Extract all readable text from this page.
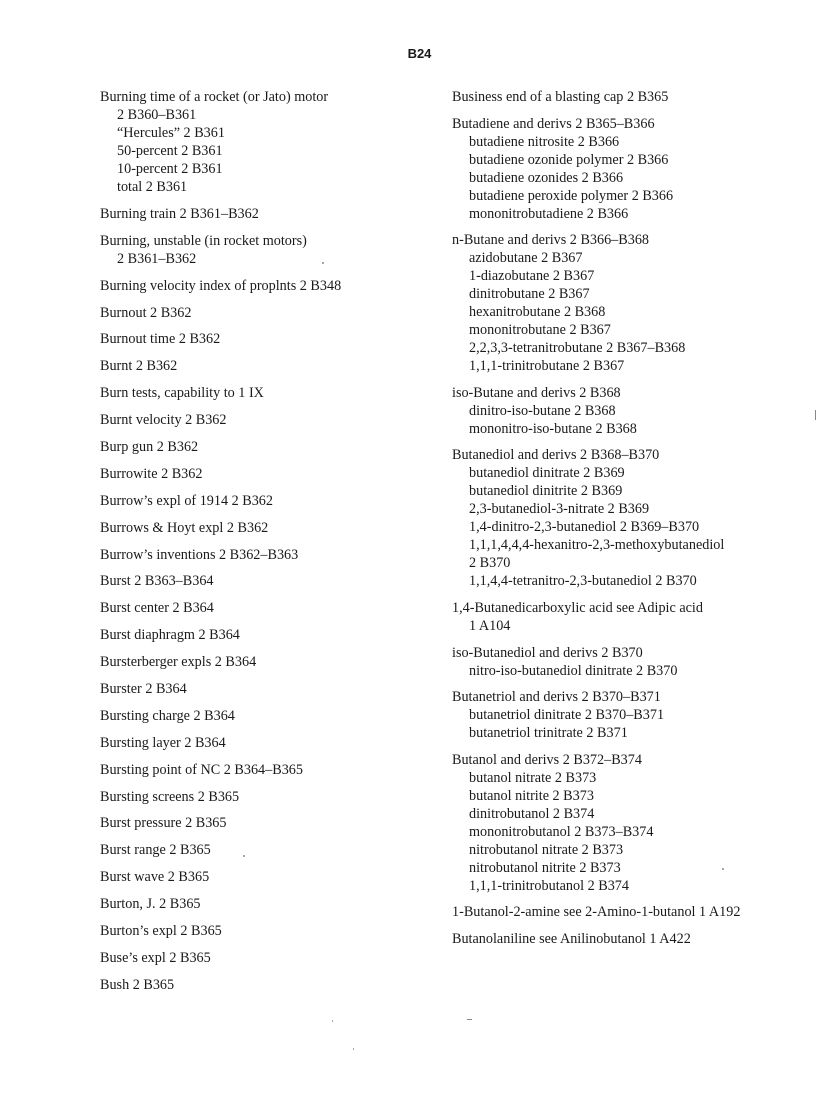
B24
Burning time of a rocket (or Jato) motor
2 B360–B361
“Hercules” 2 B361
50-percent 2 B361
10-percent 2 B361
total 2 B361
Burning train 2 B361–B362
Burning, unstable (in rocket motors)
2 B361–B362
Burning velocity index of proplnts 2 B348
Burnout 2 B362
Burnout time 2 B362
Burnt 2 B362
Burn tests, capability to 1 IX
Burnt velocity 2 B362
Burp gun 2 B362
Burrowite 2 B362
Burrow’s expl of 1914 2 B362
Burrows & Hoyt expl 2 B362
Burrow’s inventions 2 B362–B363
Burst 2 B363–B364
Burst center 2 B364
Burst diaphragm 2 B364
Bursterberger expls 2 B364
Burster 2 B364
Bursting charge 2 B364
Bursting layer 2 B364
Bursting point of NC 2 B364–B365
Bursting screens 2 B365
Burst pressure 2 B365
Burst range 2 B365
Burst wave 2 B365
Burton, J. 2 B365
Burton’s expl 2 B365
Buse’s expl 2 B365
Bush 2 B365
Business end of a blasting cap 2 B365
Butadiene and derivs 2 B365–B366
butadiene nitrosite 2 B366
butadiene ozonide polymer 2 B366
butadiene ozonides 2 B366
butadiene peroxide polymer 2 B366
mononitrobutadiene 2 B366
n-Butane and derivs 2 B366–B368
azidobutane 2 B367
1-diazobutane 2 B367
dinitrobutane 2 B367
hexanitrobutane 2 B368
mononitrobutane 2 B367
2,2,3,3-tetranitrobutane 2 B367–B368
1,1,1-trinitrobutane 2 B367
iso-Butane and derivs 2 B368
dinitro-iso-butane 2 B368
mononitro-iso-butane 2 B368
Butanediol and derivs 2 B368–B370
butanediol dinitrate 2 B369
butanediol dinitrite 2 B369
2,3-butanediol-3-nitrate 2 B369
1,4-dinitro-2,3-butanediol 2 B369–B370
1,1,1,4,4,4-hexanitro-2,3-methoxybutanediol
2 B370
1,1,4,4-tetranitro-2,3-butanediol 2 B370
1,4-Butanedicarboxylic acid see Adipic acid
1 A104
iso-Butanediol and derivs 2 B370
nitro-iso-butanediol dinitrate 2 B370
Butanetriol and derivs 2 B370–B371
butanetriol dinitrate 2 B370–B371
butanetriol trinitrate 2 B371
Butanol and derivs 2 B372–B374
butanol nitrate 2 B373
butanol nitrite 2 B373
dinitrobutanol 2 B374
mononitrobutanol 2 B373–B374
nitrobutanol nitrate 2 B373
nitrobutanol nitrite 2 B373
1,1,1-trinitrobutanol 2 B374
1-Butanol-2-amine see 2-Amino-1-butanol 1 A192
Butanolaniline see Anilinobutanol 1 A422
